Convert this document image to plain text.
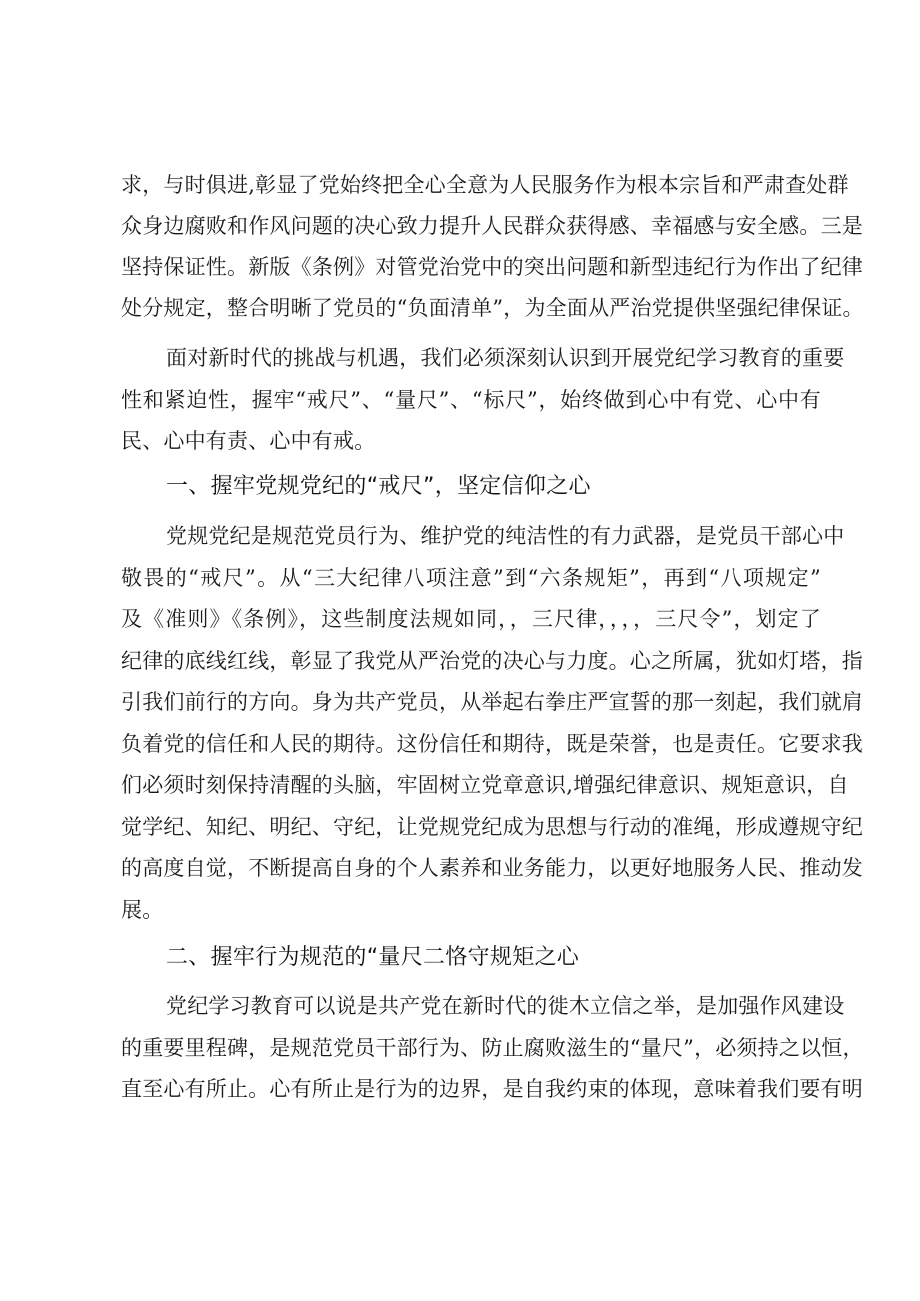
求，与时俱进,彰显了党始终把全心全意为人民服务作为根本宗旨和严肃查处群
众身边腐败和作风问题的决心致力提升人民群众获得感、幸福感与安全感。三是
坚持保证性。新版《条例》对管党治党中的突出问题和新型违纪行为作出了纪律
处分规定，整合明晰了党员的“负面清单”，为全面从严治党提供坚强纪律保证。
面对新时代的挑战与机遇，我们必须深刻认识到开展党纪学习教育的重要
性和紧迫性，握牢“戒尺”、“量尺”、“标尺”，始终做到心中有党、心中有
民、心中有责、心中有戒。
一、握牢党规党纪的“戒尺”，坚定信仰之心
党规党纪是规范党员行为、维护党的纯洁性的有力武器，是党员干部心中
敬畏的“戒尺”。从“三大纪律八项注意”到“六条规矩”，再到“八项规定”
及《准则》《条例》，这些制度法规如同，，三尺律，，，，三尺令”，划定了
纪律的底线红线，彰显了我党从严治党的决心与力度。心之所属，犹如灯塔，指
引我们前行的方向。身为共产党员，从举起右拳庄严宣誓的那一刻起，我们就肩
负着党的信任和人民的期待。这份信任和期待，既是荣誉，也是责任。它要求我
们必须时刻保持清醒的头脑，牢固树立党章意识,增强纪律意识、规矩意识，自
觉学纪、知纪、明纪、守纪，让党规党纪成为思想与行动的准绳，形成遵规守纪
的高度自觉，不断提高自身的个人素养和业务能力，以更好地服务人民、推动发
展。
二、握牢行为规范的“量尺二恪守规矩之心
党纪学习教育可以说是共产党在新时代的徙木立信之举，是加强作风建设
的重要里程碑，是规范党员干部行为、防止腐败滋生的“量尺”，必须持之以恒，
直至心有所止。心有所止是行为的边界，是自我约束的体现，意味着我们要有明
